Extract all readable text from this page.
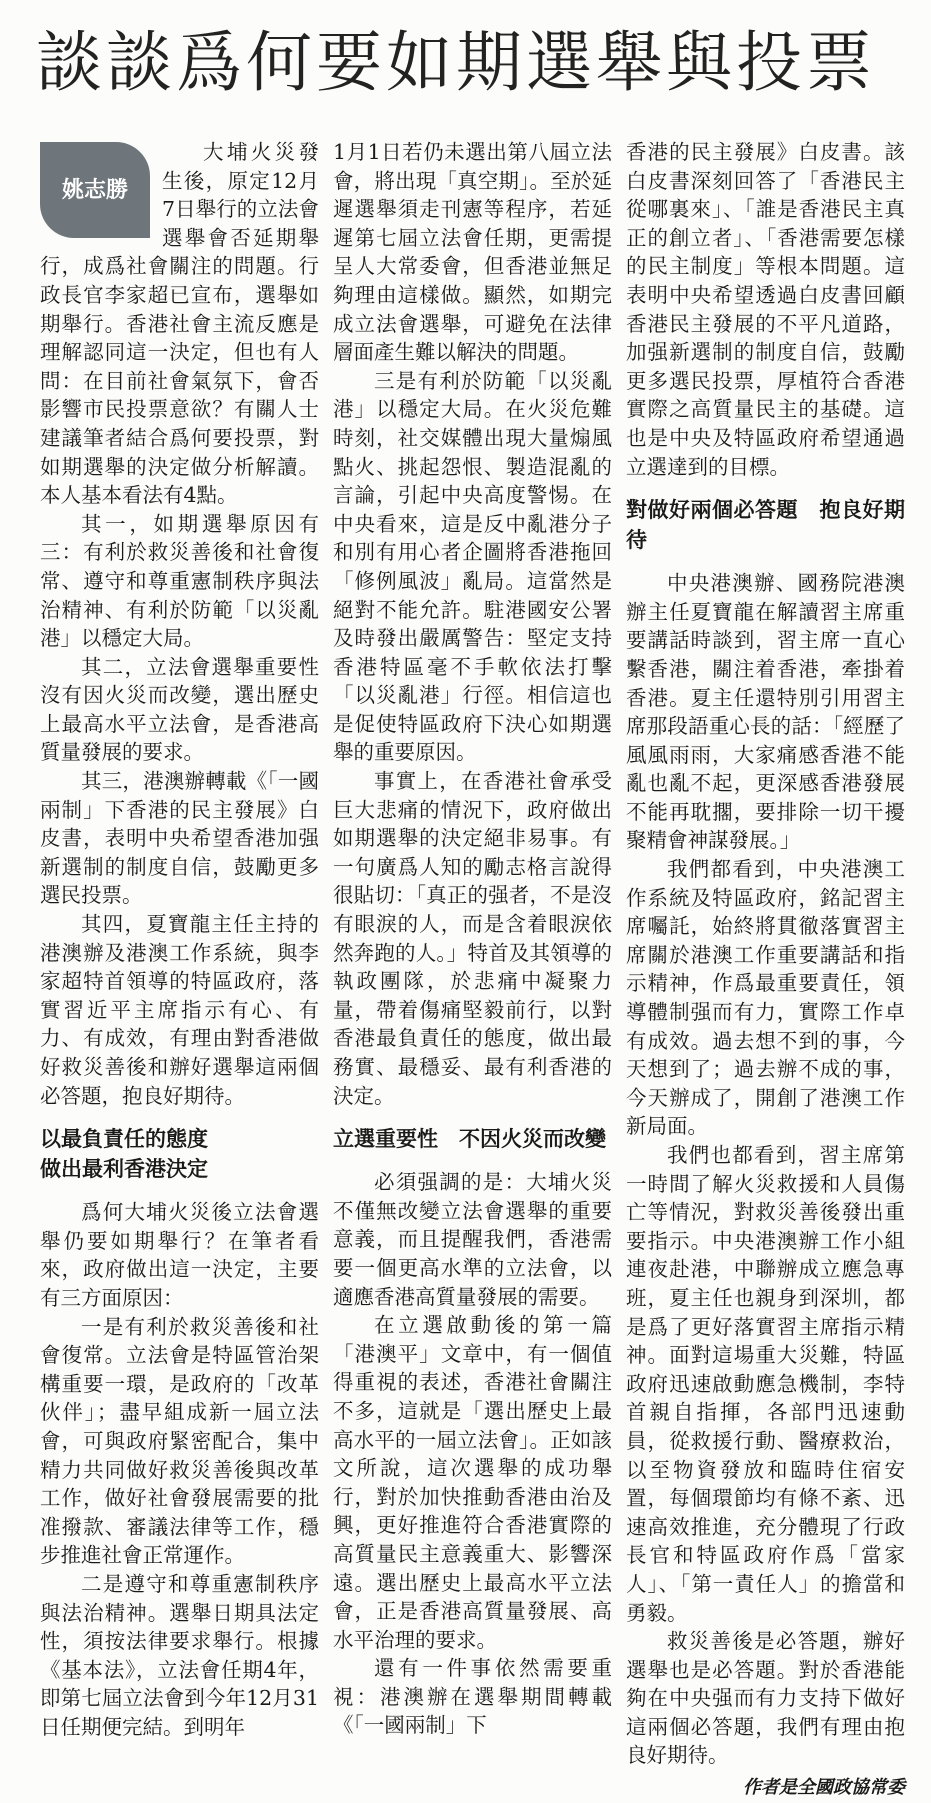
談談爲何要如期選舉與投票
姚志勝

大埔火災發生後，原定12月7日舉行的立法會選舉會否延期舉行，成爲社會關注的問題。行政長官李家超已宣布，選舉如期舉行。香港社會主流反應是理解認同這一決定，但也有人問：在目前社會氣氛下，會否影響市民投票意欲？有關人士建議筆者結合爲何要投票，對如期選舉的決定做分析解讀。本人基本看法有4點。

其一，如期選舉原因有三：有利於救災善後和社會復常、遵守和尊重憲制秩序與法治精神、有利於防範「以災亂港」以穩定大局。

其二，立法會選舉重要性沒有因火災而改變，選出歷史上最高水平立法會，是香港高質量發展的要求。

其三，港澳辦轉載《「一國兩制」下香港的民主發展》白皮書，表明中央希望香港加强新選制的制度自信，鼓勵更多選民投票。

其四，夏寶龍主任主持的港澳辦及港澳工作系統，與李家超特首領導的特區政府，落實習近平主席指示有心、有力、有成效，有理由對香港做好救災善後和辦好選舉這兩個必答題，抱良好期待。

以最負責任的態度
做出最利香港決定

爲何大埔火災後立法會選舉仍要如期舉行？在筆者看來，政府做出這一決定，主要有三方面原因：

一是有利於救災善後和社會復常。立法會是特區管治架構重要一環，是政府的「改革伙伴」；盡早組成新一屆立法會，可與政府緊密配合，集中精力共同做好救災善後與改革工作，做好社會發展需要的批准撥款、審議法律等工作，穩步推進社會正常運作。

二是遵守和尊重憲制秩序與法治精神。選舉日期具法定性，須按法律要求舉行。根據《基本法》，立法會任期4年，即第七屆立法會到今年12月31日任期便完結。到明年

1月1日若仍未選出第八屆立法會，將出現「真空期」。至於延遲選舉須走刊憲等程序，若延遲第七屆立法會任期，更需提呈人大常委會，但香港並無足夠理由這樣做。顯然，如期完成立法會選舉，可避免在法律層面產生難以解決的問題。

三是有利於防範「以災亂港」以穩定大局。在火災危難時刻，社交媒體出現大量煽風點火、挑起怨恨、製造混亂的言論，引起中央高度警惕。在中央看來，這是反中亂港分子和別有用心者企圖將香港拖回「修例風波」亂局。這當然是絕對不能允許。駐港國安公署及時發出嚴厲警告：堅定支持香港特區毫不手軟依法打擊「以災亂港」行徑。相信這也是促使特區政府下決心如期選舉的重要原因。

事實上，在香港社會承受巨大悲痛的情況下，政府做出如期選舉的決定絕非易事。有一句廣爲人知的勵志格言說得很貼切：「真正的强者，不是沒有眼淚的人，而是含着眼淚依然奔跑的人。」特首及其領導的執政團隊，於悲痛中凝聚力量，帶着傷痛堅毅前行，以對香港最負責任的態度，做出最務實、最穩妥、最有利香港的決定。

立選重要性　不因火災而改變

必須强調的是：大埔火災不僅無改變立法會選舉的重要意義，而且提醒我們，香港需要一個更高水準的立法會，以適應香港高質量發展的需要。

在立選啟動後的第一篇「港澳平」文章中，有一個值得重視的表述，香港社會關注不多，這就是「選出歷史上最高水平的一屆立法會」。正如該文所說，這次選舉的成功舉行，對於加快推動香港由治及興，更好推進符合香港實際的高質量民主意義重大、影響深遠。選出歷史上最高水平立法會，正是香港高質量發展、高水平治理的要求。

還有一件事依然需要重視：港澳辦在選舉期間轉載《「一國兩制」下

香港的民主發展》白皮書。該白皮書深刻回答了「香港民主從哪裏來」、「誰是香港民主真正的創立者」、「香港需要怎樣的民主制度」等根本問題。這表明中央希望透過白皮書回顧香港民主發展的不平凡道路，加强新選制的制度自信，鼓勵更多選民投票，厚植符合香港實際之高質量民主的基礎。這也是中央及特區政府希望通過立選達到的目標。

對做好兩個必答題　抱良好期待

中央港澳辦、國務院港澳辦主任夏寶龍在解讀習主席重要講話時談到，習主席一直心繫香港，關注着香港，牽掛着香港。夏主任還特別引用習主席那段語重心長的話：「經歷了風風雨雨，大家痛感香港不能亂也亂不起，更深感香港發展不能再耽擱，要排除一切干擾聚精會神謀發展。」

我們都看到，中央港澳工作系統及特區政府，銘記習主席囑託，始終將貫徹落實習主席關於港澳工作重要講話和指示精神，作爲最重要責任，領導體制强而有力，實際工作卓有成效。過去想不到的事，今天想到了；過去辦不成的事，今天辦成了，開創了港澳工作新局面。

我們也都看到，習主席第一時間了解火災救援和人員傷亡等情況，對救災善後發出重要指示。中央港澳辦工作小組連夜赴港，中聯辦成立應急專班，夏主任也親身到深圳，都是爲了更好落實習主席指示精神。面對這場重大災難，特區政府迅速啟動應急機制，李特首親自指揮，各部門迅速動員，從救援行動、醫療救治，以至物資發放和臨時住宿安置，每個環節均有條不紊、迅速高效推進，充分體現了行政長官和特區政府作爲「當家人」、「第一責任人」的擔當和勇毅。

救災善後是必答題，辦好選舉也是必答題。對於香港能夠在中央强而有力支持下做好這兩個必答題，我們有理由抱良好期待。

作者是全國政協常委
